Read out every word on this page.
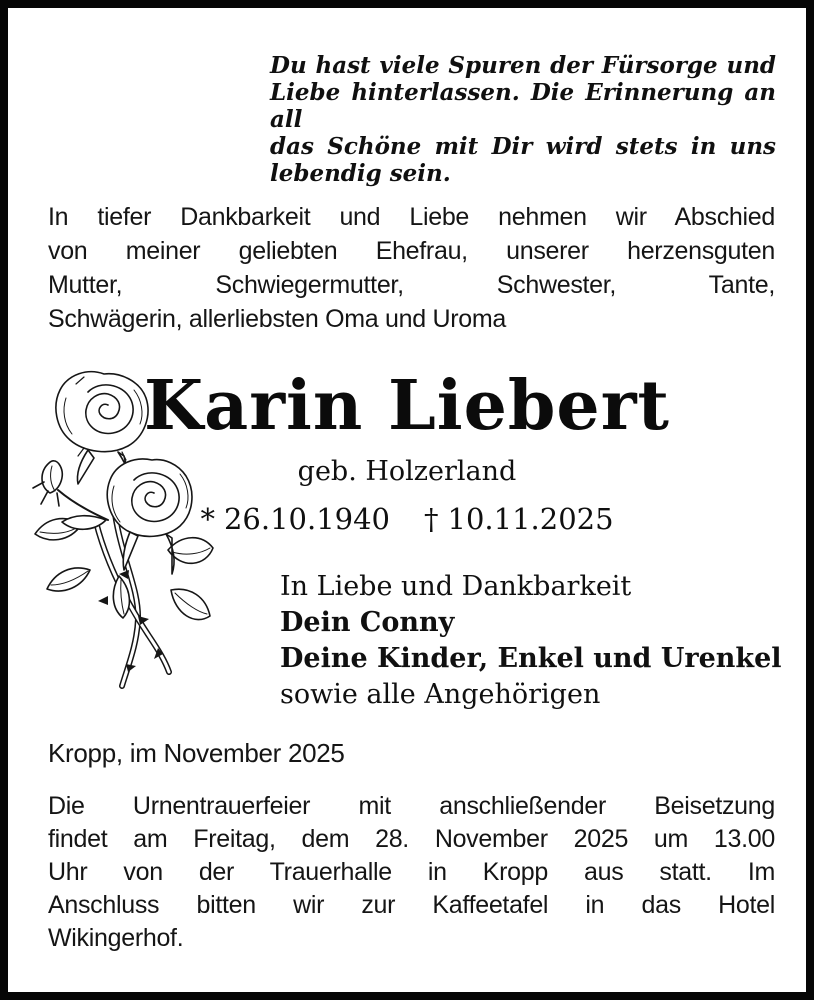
Du hast viele Spuren der Fürsorge und
Liebe hinterlassen. Die Erinnerung an all
das Schöne mit Dir wird stets in uns
lebendig sein.
In tiefer Dankbarkeit und Liebe nehmen wir Abschied
von meiner geliebten Ehefrau, unserer herzensguten
Mutter, Schwiegermutter, Schwester, Tante,
Schwägerin, allerliebsten Oma und Uroma
Karin Liebert
geb. Holzerland
* 26.10.1940 † 10.11.2025
In Liebe und Dankbarkeit
Dein Conny
Deine Kinder, Enkel und Urenkel
sowie alle Angehörigen
Kropp, im November 2025
Die Urnentrauerfeier mit anschließender Beisetzung
findet am Freitag, dem 28. November 2025 um 13.00
Uhr von der Trauerhalle in Kropp aus statt. Im
Anschluss bitten wir zur Kaffeetafel in das Hotel
Wikingerhof.
